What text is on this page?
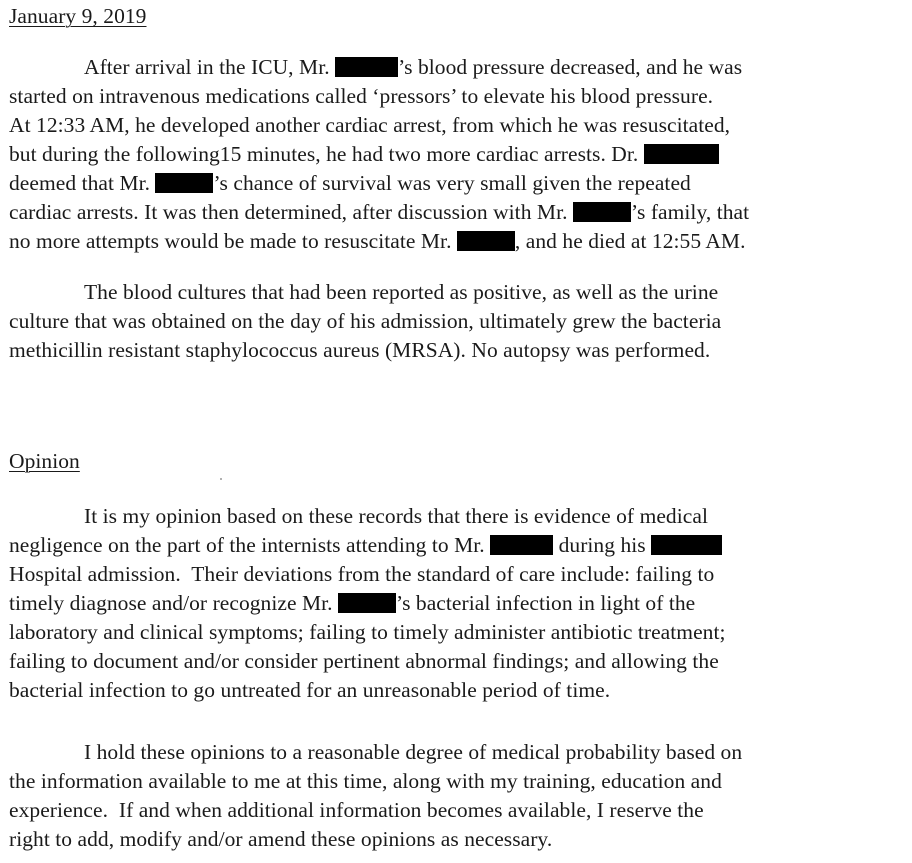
January 9, 2019
After arrival in the ICU, Mr.	’s blood pressure decreased, and he was
started on intravenous medications called ‘pressors’ to elevate his blood pressure.
At 12:33 AM, he developed another cardiac arrest, from which he was resuscitated,
but during the following15 minutes, he had two more cardiac arrests. Dr.
deemed that Mr.	’s chance of survival was very small given the repeated
cardiac arrests. It was then determined, after discussion with Mr.	’s family, that
no more attempts would be made to resuscitate Mr.	, and he died at 12:55 AM.
The blood cultures that had been reported as positive, as well as the urine
culture that was obtained on the day of his admission, ultimately grew the bacteria
methicillin resistant staphylococcus aureus (MRSA). No autopsy was performed.
Opinion
It is my opinion based on these records that there is evidence of medical
negligence on the part of the internists attending to Mr.	during his
Hospital admission.  Their deviations from the standard of care include: failing to
timely diagnose and/or recognize Mr.	’s bacterial infection in light of the
laboratory and clinical symptoms; failing to timely administer antibiotic treatment;
failing to document and/or consider pertinent abnormal findings; and allowing the
bacterial infection to go untreated for an unreasonable period of time.
I hold these opinions to a reasonable degree of medical probability based on
the information available to me at this time, along with my training, education and
experience.  If and when additional information becomes available, I reserve the
right to add, modify and/or amend these opinions as necessary.
